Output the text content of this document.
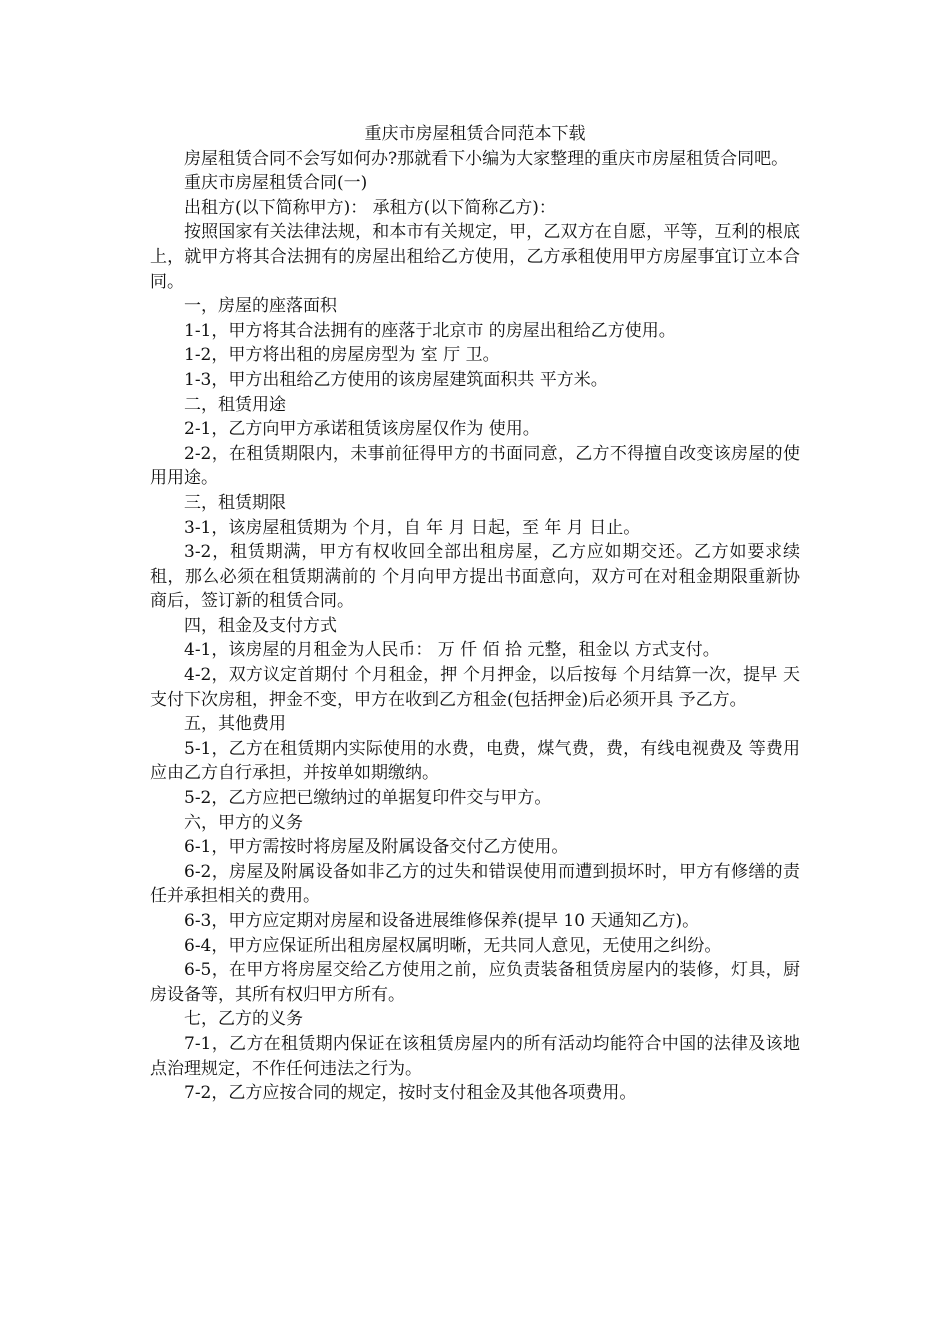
重庆市房屋租赁合同范本下载

房屋租赁合同不会写如何办?那就看下小编为大家整理的重庆市房屋租赁合同吧。

重庆市房屋租赁合同(一)

出租方(以下简称甲方)： 承租方(以下简称乙方)：

按照国家有关法律法规，和本市有关规定，甲，乙双方在自愿，平等，互利的根底上，就甲方将其合法拥有的房屋出租给乙方使用，乙方承租使用甲方房屋事宜订立本合同。

一，房屋的座落面积

1-1，甲方将其合法拥有的座落于北京市 的房屋出租给乙方使用。

1-2，甲方将出租的房屋房型为 室 厅 卫。

1-3，甲方出租给乙方使用的该房屋建筑面积共 平方米。

二，租赁用途

2-1，乙方向甲方承诺租赁该房屋仅作为 使用。

2-2，在租赁期限内，未事前征得甲方的书面同意，乙方不得擅自改变该房屋的使用用途。

三，租赁期限

3-1，该房屋租赁期为 个月，自 年 月 日起，至 年 月 日止。

3-2，租赁期满，甲方有权收回全部出租房屋，乙方应如期交还。乙方如要求续租，那么必须在租赁期满前的 个月向甲方提出书面意向，双方可在对租金期限重新协商后，签订新的租赁合同。

四，租金及支付方式

4-1，该房屋的月租金为人民币： 万 仟 佰 拾 元整，租金以 方式支付。

4-2，双方议定首期付 个月租金，押 个月押金，以后按每 个月结算一次，提早 天支付下次房租，押金不变，甲方在收到乙方租金(包括押金)后必须开具 予乙方。

五，其他费用

5-1，乙方在租赁期内实际使用的水费，电费，煤气费，费，有线电视费及 等费用应由乙方自行承担，并按单如期缴纳。

5-2，乙方应把已缴纳过的单据复印件交与甲方。

六，甲方的义务

6-1，甲方需按时将房屋及附属设备交付乙方使用。

6-2，房屋及附属设备如非乙方的过失和错误使用而遭到损坏时，甲方有修缮的责任并承担相关的费用。

6-3，甲方应定期对房屋和设备进展维修保养(提早 10 天通知乙方)。

6-4，甲方应保证所出租房屋权属明晰，无共同人意见，无使用之纠纷。

6-5，在甲方将房屋交给乙方使用之前，应负责装备租赁房屋内的装修，灯具，厨房设备等，其所有权归甲方所有。

七，乙方的义务

7-1，乙方在租赁期内保证在该租赁房屋内的所有活动均能符合中国的法律及该地点治理规定，不作任何违法之行为。

7-2，乙方应按合同的规定，按时支付租金及其他各项费用。
